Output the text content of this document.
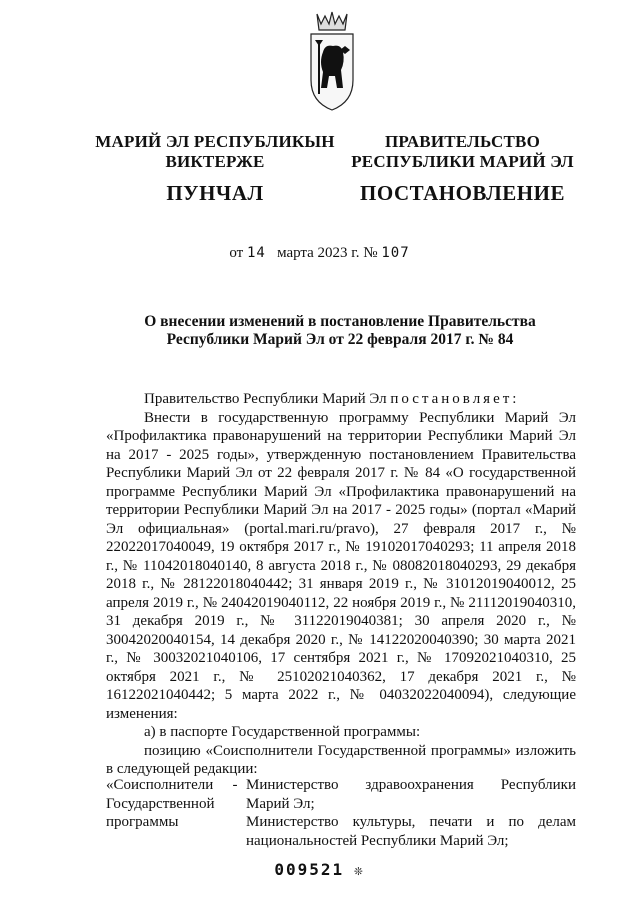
МАРИЙ ЭЛ РЕСПУБЛИКЫН
ВИКТЕРЖЕ
ПУНЧАЛ
ПРАВИТЕЛЬСТВО
РЕСПУБЛИКИ МАРИЙ ЭЛ
ПОСТАНОВЛЕНИЕ
от 14 марта 2023 г. № 107
О внесении изменений в постановление Правительства
Республики Марий Эл от 22 февраля 2017 г. № 84

Правительство Республики Марий Эл постановляет:

Внести в государственную программу Республики Марий Эл «Профилактика правонарушений на территории Республики Марий Эл на 2017 - 2025 годы», утвержденную постановлением Правительства Республики Марий Эл от 22 февраля 2017 г. № 84 «О государственной программе Республики Марий Эл «Профилактика правонарушений на территории Республики Марий Эл на 2017 - 2025 годы» (портал «Марий Эл официальная» (portal.mari.ru/pravo), 27 февраля 2017 г., № 22022017040049, 19 октября 2017 г., № 19102017040293; 11 апреля 2018 г., № 11042018040140, 8 августа 2018 г., № 08082018040293, 29 декабря 2018 г., № 28122018040442; 31 января 2019 г., № 31012019040012, 25 апреля 2019 г., № 24042019040112, 22 ноября 2019 г., № 21112019040310, 31 декабря 2019 г., № 31122019040381; 30 апреля 2020 г., № 30042020040154, 14 декабря 2020 г., № 14122020040390; 30 марта 2021 г., № 30032021040106, 17 сентября 2021 г., № 17092021040310, 25 октября 2021 г., № 25102021040362, 17 декабря 2021 г., № 16122021040442; 5 марта 2022 г., № 04032022040094), следующие изменения:

а) в паспорте Государственной программы:

позицию «Соисполнители Государственной программы» изложить в следующей редакции:

«Соисполнители Государственной программы
- Министерство здравоохранения Республики Марий Эл;
Министерство культуры, печати и по делам национальностей Республики Марий Эл;
009521 ❊
